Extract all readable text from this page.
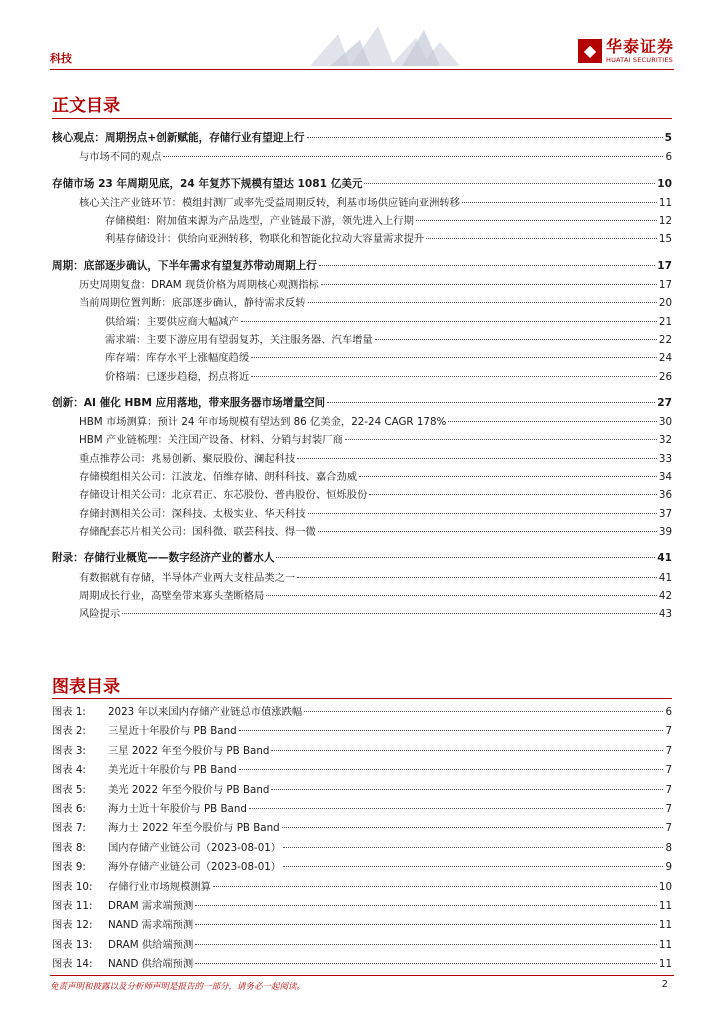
科技	◆ 华泰证券
HUATAI SECURITIES
正文目录
核心观点：周期拐点+创新赋能，存储行业有望迎上行	5
与市场不同的观点	6
存储市场 23 年周期见底，24 年复苏下规模有望达 1081 亿美元	10
核心关注产业链环节：模组封测厂或率先受益周期反转，利基市场供应链向亚洲转移	11
存储模组：附加值来源为产品选型，产业链最下游，领先进入上行期	12
利基存储设计：供给向亚洲转移，物联化和智能化拉动大容量需求提升	15
周期：底部逐步确认，下半年需求有望复苏带动周期上行	17
历史周期复盘：DRAM 现货价格为周期核心观测指标	17
当前周期位置判断：底部逐步确认，静待需求反转	20
供给端：主要供应商大幅减产	21
需求端：主要下游应用有望弱复苏，关注服务器、汽车增量	22
库存端：库存水平上涨幅度趋缓	24
价格端：已逐步趋稳，拐点将近	26
创新：AI 催化 HBM 应用落地，带来服务器市场增量空间	27
HBM 市场测算：预计 24 年市场规模有望达到 86 亿美金，22-24 CAGR 178%	30
HBM 产业链梳理：关注国产设备、材料、分销与封装厂商	32
重点推荐公司：兆易创新、聚辰股份、澜起科技	33
存储模组相关公司：江波龙、佰维存储、朗科科技、嘉合劲威	34
存储设计相关公司：北京君正、东芯股份、普冉股份、恒烁股份	36
存储封测相关公司：深科技、太极实业、华天科技	37
存储配套芯片相关公司：国科微、联芸科技、得一微	39
附录：存储行业概览——数字经济产业的蓄水人	41
有数据就有存储，半导体产业两大支柱品类之一	41
周期成长行业，高壁垒带来寡头垄断格局	42
风险提示	43
图表目录
图表 1:	2023 年以来国内存储产业链总市值涨跌幅	6
图表 2:	三星近十年股价与 PB Band	7
图表 3:	三星 2022 年至今股价与 PB Band	7
图表 4:	美光近十年股价与 PB Band	7
图表 5:	美光 2022 年至今股价与 PB Band	7
图表 6:	海力士近十年股价与 PB Band	7
图表 7:	海力士 2022 年至今股价与 PB Band	7
图表 8:	国内存储产业链公司（2023-08-01）	8
图表 9:	海外存储产业链公司（2023-08-01）	9
图表 10:	存储行业市场规模测算	10
图表 11:	DRAM 需求端预测	11
图表 12:	NAND 需求端预测	11
图表 13:	DRAM 供给端预测	11
图表 14:	NAND 供给端预测	11
免责声明和披露以及分析师声明是报告的一部分，请务必一起阅读。	2
